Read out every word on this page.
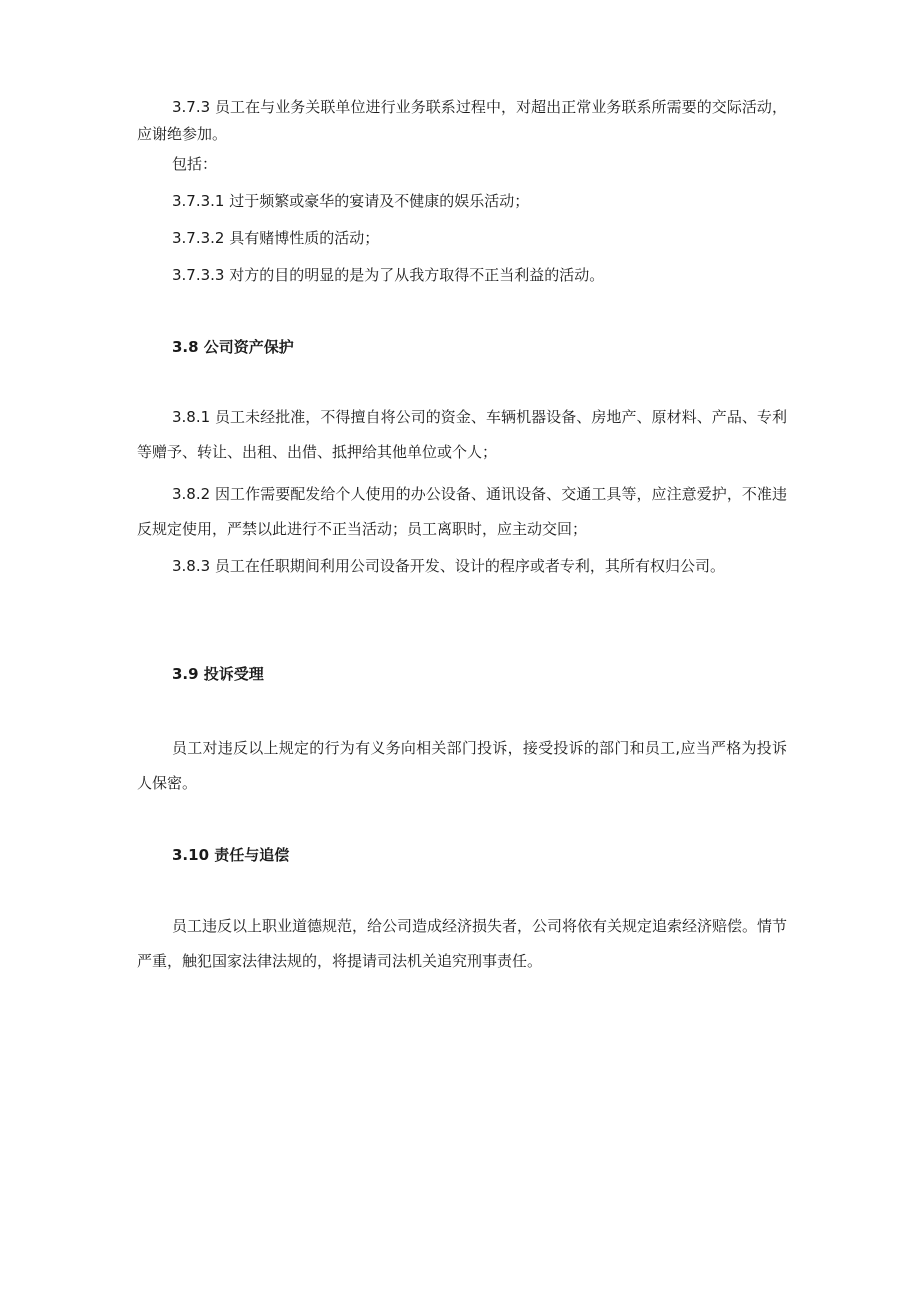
3.7.3 员工在与业务关联单位进行业务联系过程中，对超出正常业务联系所需要的交际活动，应谢绝参加。

包括：

3.7.3.1 过于频繁或豪华的宴请及不健康的娱乐活动；

3.7.3.2 具有赌博性质的活动；

3.7.3.3 对方的目的明显的是为了从我方取得不正当利益的活动。

3.8 公司资产保护

3.8.1 员工未经批准，不得擅自将公司的资金、车辆机器设备、房地产、原材料、产品、专利等赠予、转让、出租、出借、抵押给其他单位或个人；

3.8.2 因工作需要配发给个人使用的办公设备、通讯设备、交通工具等，应注意爱护，不准违反规定使用，严禁以此进行不正当活动；员工离职时，应主动交回；

3.8.3 员工在任职期间利用公司设备开发、设计的程序或者专利，其所有权归公司。

3.9 投诉受理

员工对违反以上规定的行为有义务向相关部门投诉，接受投诉的部门和员工,应当严格为投诉人保密。

3.10 责任与追偿

员工违反以上职业道德规范，给公司造成经济损失者，公司将依有关规定追索经济赔偿。情节严重，触犯国家法律法规的，将提请司法机关追究刑事责任。
